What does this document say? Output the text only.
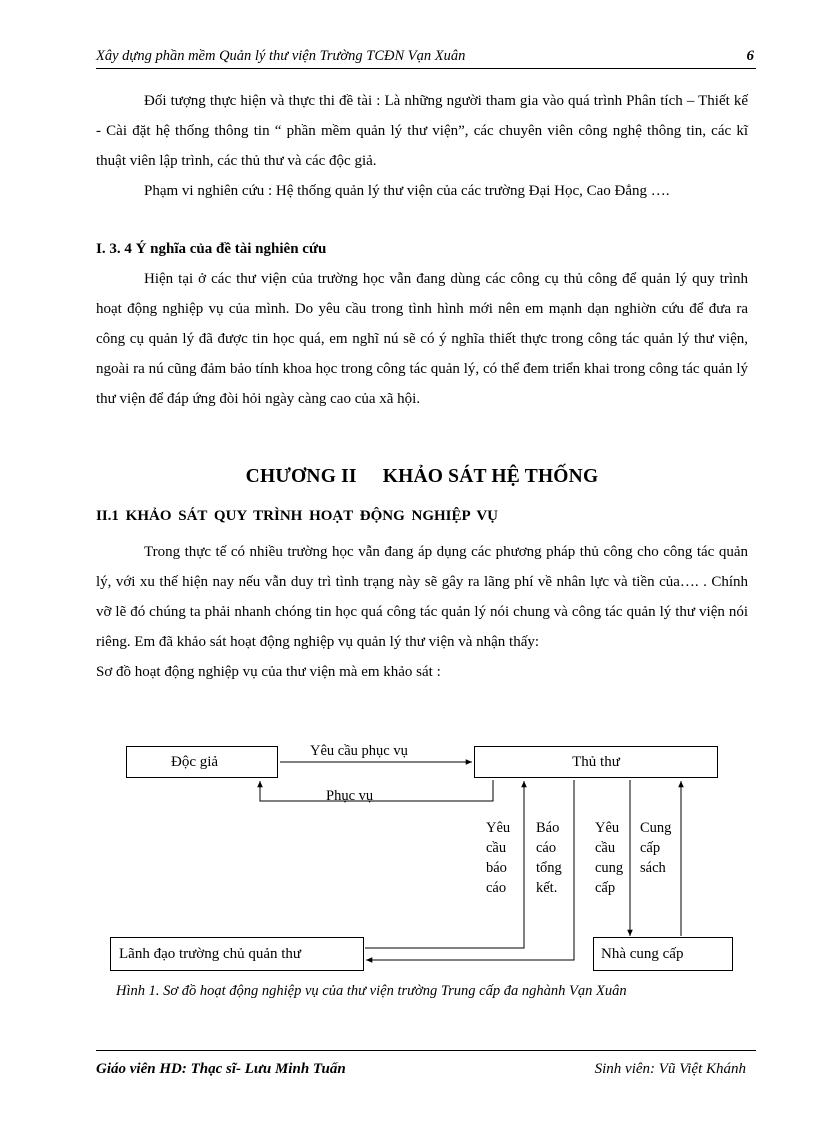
Xây dựng phần mềm Quản lý thư viện Trường TCĐN Vạn Xuân	6

Đối tượng thực hiện và thực thi đề tài : Là những người tham gia vào quá trình Phân tích – Thiết kế - Cài đặt hệ thống thông tin “ phần mềm quản lý thư viện”, các chuyên viên công nghệ thông tin, các kĩ thuật viên lập trình, các thủ thư và các độc giả.

Phạm vi nghiên cứu : Hệ thống quản lý thư viện của các trường Đại Học, Cao Đẳng ….

I. 3. 4 Ý nghĩa của đề tài nghiên cứu

Hiện tại ở các thư viện của trường học vẫn đang dùng các công cụ thủ công để quản lý quy trình hoạt động nghiệp vụ của mình. Do yêu cầu trong tình hình mới nên em mạnh dạn nghiờn cứu để đưa ra công cụ quản lý đã được tin học quá, em nghĩ nú sẽ có ý nghĩa thiết thực trong công tác quản lý thư viện, ngoài ra nú cũng đảm bảo tính khoa học trong công tác quản lý, có thể đem triển khai trong công tác quản lý thư viện để đáp ứng đòi hỏi ngày càng cao của xã hội.

CHƯƠNG II KHẢO SÁT HỆ THỐNG
II.1 KHẢO SÁT QUY TRÌNH HOẠT ĐỘNG NGHIỆP VỤ

Trong thực tế có nhiều trường học vẫn đang áp dụng các phương pháp thủ công cho công tác quản lý, với xu thế hiện nay nếu vẫn duy trì tình trạng này sẽ gây ra lãng phí về nhân lực và tiền của…. . Chính vỡ lẽ đó chúng ta phải nhanh chóng tin học quá công tác quản lý nói chung và công tác quản lý thư viện nói riêng. Em đã khảo sát hoạt động nghiệp vụ quản lý thư viện và nhận thấy:

Sơ đồ hoạt động nghiệp vụ của thư viện mà em khảo sát :

Độc giả	Thủ thư
Lãnh đạo trường chủ quản thư	Nhà cung cấp
Yêu cầu phục vụ
Phục vụ
Yêu
cầu
báo
cáo
Báo
cáo
tổng
kết.
Yêu
cầu
cung
cấp
Cung
cấp
sách
Hình 1. Sơ đồ hoạt động nghiệp vụ của thư viện trường Trung cấp đa nghành Vạn Xuân
Giáo viên HD: Thạc sĩ- Lưu Minh Tuấn	Sinh viên: Vũ Việt Khánh
